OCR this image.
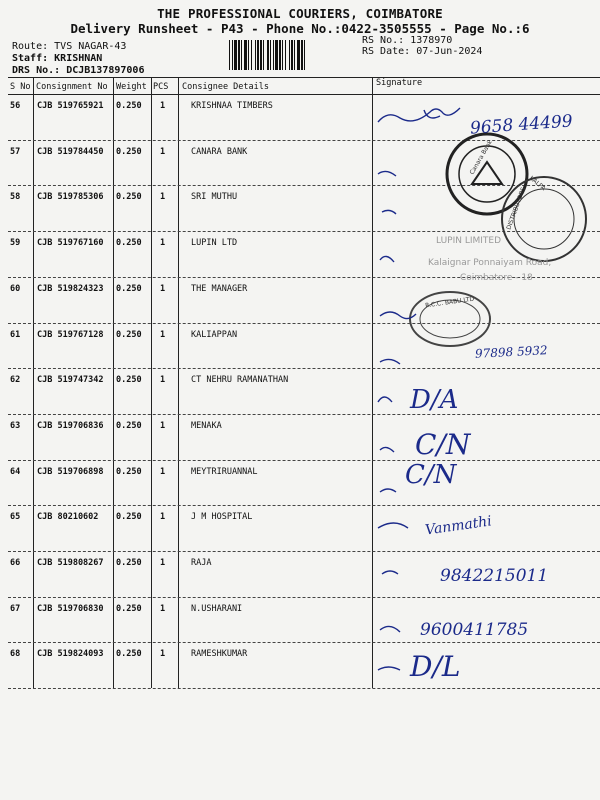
THE PROFESSIONAL COURIERS, COIMBATORE
Delivery Runsheet - P43 - Phone No.:0422-3505555 - Page No.:6
Route: TVS NAGAR-43
Staff: KRISHNAN
DRS No.: DCJB137897006
RS No.: 1378970
RS Date: 07-Jun-2024
S No Consignment No Weight PCS Consignee Details	Signature
56 CJB 519765921 0.250 1	KRISHNAA TIMBERS
57 CJB 519784450 0.250 1	CANARA BANK
58 CJB 519785306 0.250 1	SRI MUTHU
59 CJB 519767160 0.250 1	LUPIN LTD
60 CJB 519824323 0.250 1	THE MANAGER
61 CJB 519767128 0.250 1	KALIAPPAN
62 CJB 519747342 0.250 1	CT NEHRU RAMANATHAN
63 CJB 519706836 0.250 1	MENAKA
64 CJB 519706898 0.250 1	MEYTRIRUANNAL
65 CJB 80210602 0.250 1	J M HOSPITAL
66 CJB 519808267 0.250 1	RAJA
67 CJB 519706830 0.250 1	N.USHARANI
68 CJB 519824093 0.250 1	RAMESHKUMAR
Canara Bank
KALPA
DISTRIBUTORS
R.C.C. BABU LTD
LUPIN LIMITED
Kalaignar Ponnaiyam Road,
Coimbatore - 18
9658 44499
97898 5932
D/A
C/N
C/N
Vanmathi
9842215011
9600411785
D/L
